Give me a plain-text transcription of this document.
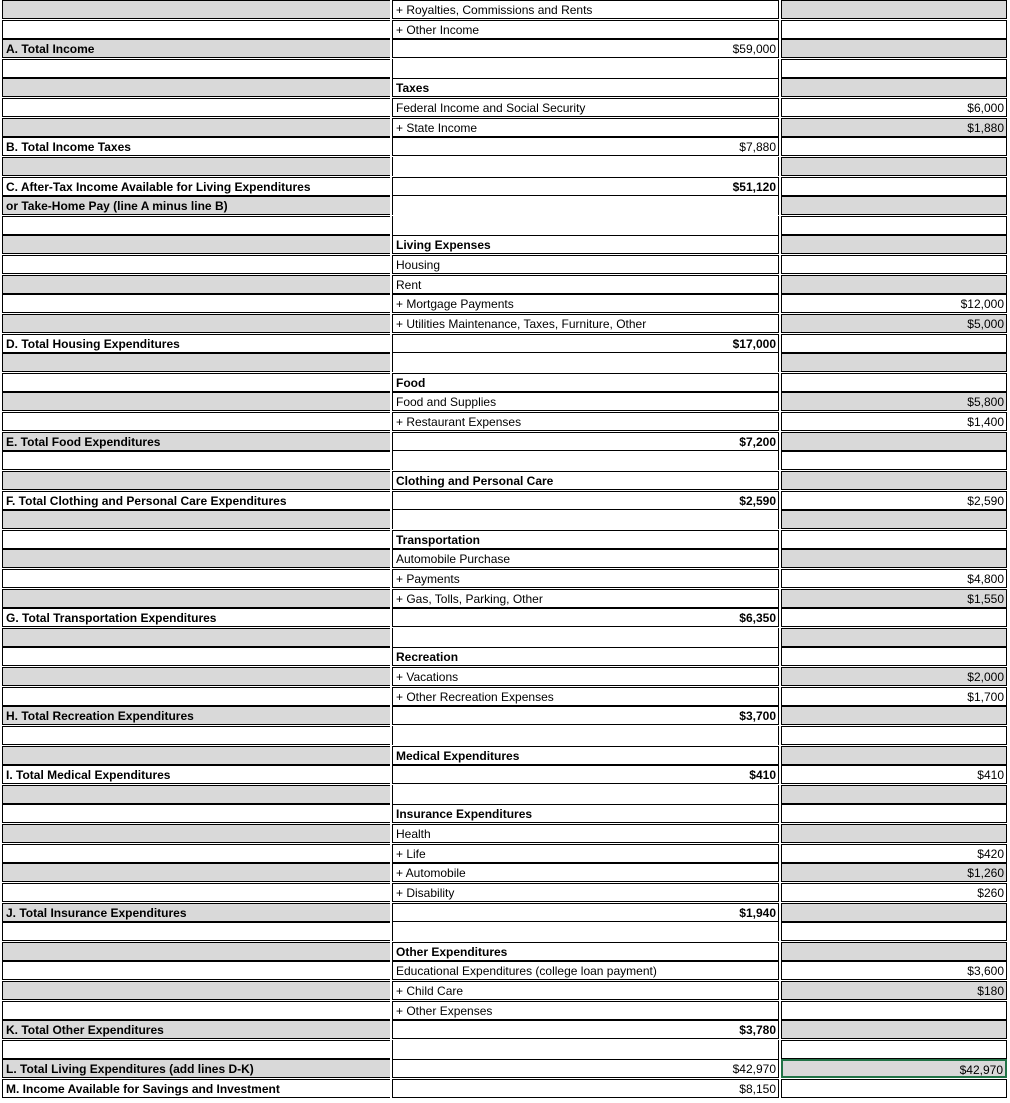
+ Royalties, Commissions and Rents
+ Other Income
A. Total Income	$59,000
Taxes
Federal Income and Social Security	$6,000
+ State Income	$1,880
B. Total Income Taxes	$7,880
C. After-Tax Income Available for Living Expenditures	$51,120
or Take-Home Pay (line A minus line B)
Living Expenses
Housing
Rent
+ Mortgage Payments	$12,000
+ Utilities Maintenance, Taxes, Furniture, Other	$5,000
D. Total Housing Expenditures	$17,000
Food
Food and Supplies	$5,800
+ Restaurant Expenses	$1,400
E. Total Food Expenditures	$7,200
Clothing and Personal Care
F. Total Clothing and Personal Care Expenditures	$2,590	$2,590
Transportation
Automobile Purchase
+ Payments	$4,800
+ Gas, Tolls, Parking, Other	$1,550
G. Total Transportation Expenditures	$6,350
Recreation
+ Vacations	$2,000
+ Other Recreation Expenses	$1,700
H. Total Recreation Expenditures	$3,700
Medical Expenditures
I. Total Medical Expenditures	$410	$410
Insurance Expenditures
Health
+ Life	$420
+ Automobile	$1,260
+ Disability	$260
J. Total Insurance Expenditures	$1,940
Other Expenditures
Educational Expenditures (college loan payment)	$3,600
+ Child Care	$180
+ Other Expenses
K. Total Other Expenditures	$3,780
L. Total Living Expenditures (add lines D-K)	$42,970	$42,970
M. Income Available for Savings and Investment	$8,150
